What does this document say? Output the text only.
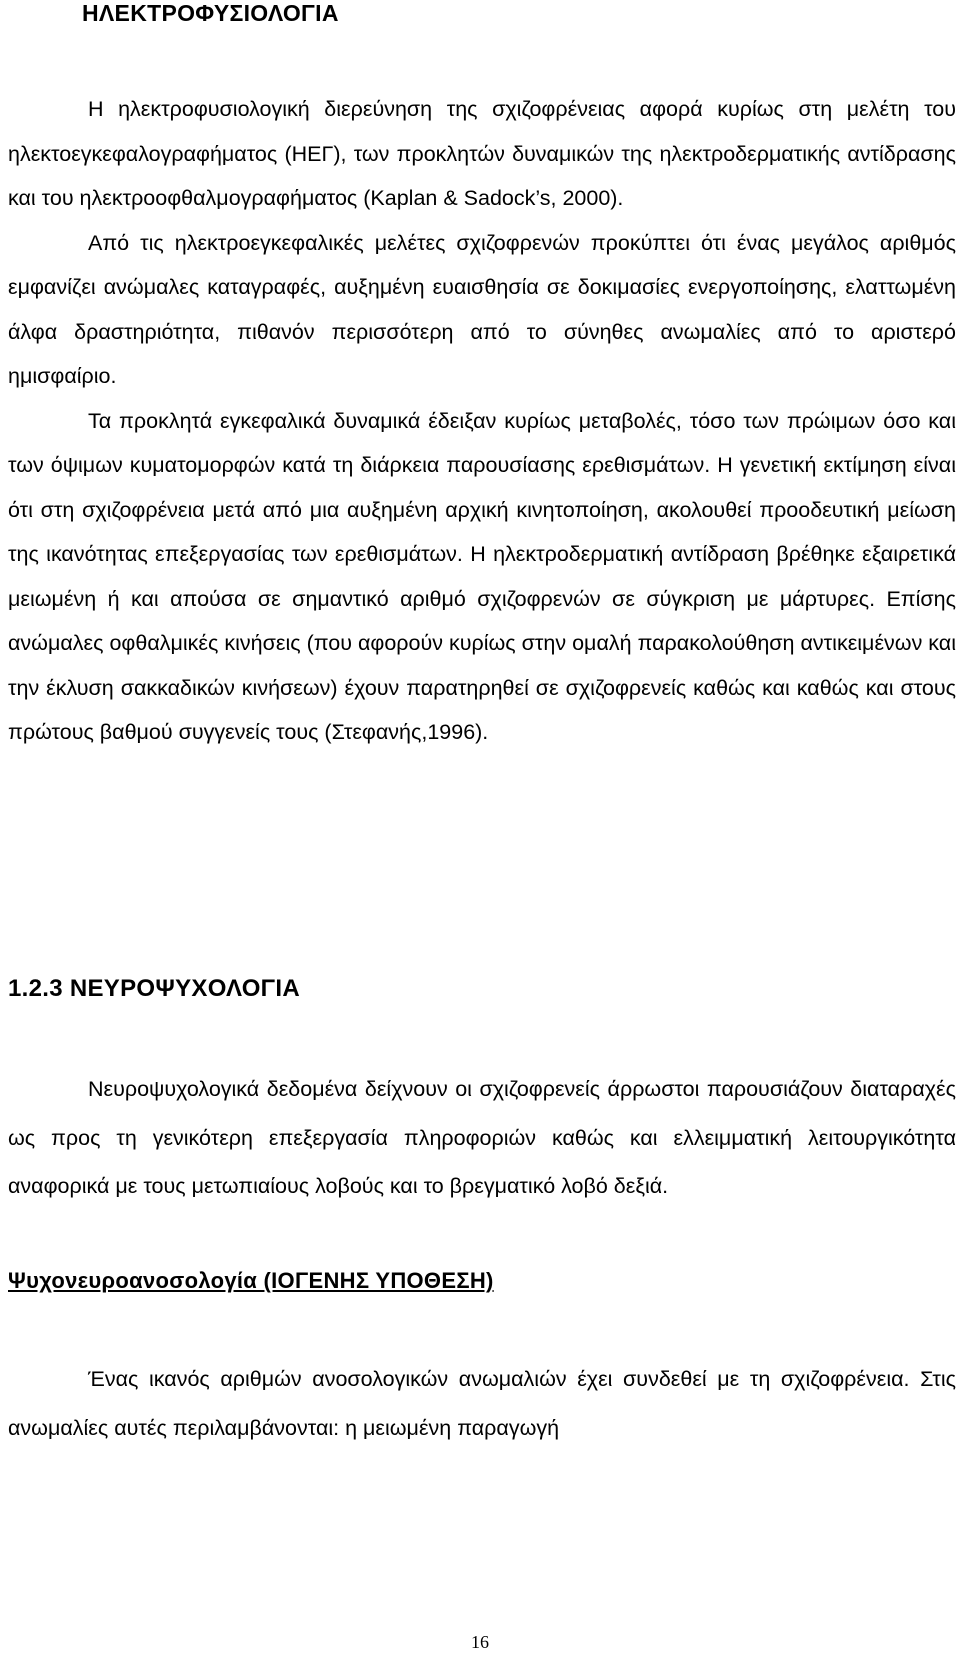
ΗΛΕΚΤΡΟΦΥΣΙΟΛΟΓΙΑ

Η ηλεκτροφυσιολογική διερεύνηση της σχιζοφρένειας αφορά κυρίως στη μελέτη του ηλεκτοεγκεφαλογραφήματος (ΗΕΓ), των προκλητών δυναμικών της ηλεκτροδερματικής αντίδρασης και του ηλεκτροοφθαλμογραφήματος (Kaplan & Sadock’s, 2000).

Από τις ηλεκτροεγκεφαλικές μελέτες σχιζοφρενών προκύπτει ότι ένας μεγάλος αριθμός εμφανίζει ανώμαλες καταγραφές, αυξημένη ευαισθησία σε δοκιμασίες ενεργοποίησης, ελαττωμένη άλφα δραστηριότητα, πιθανόν περισσότερη από το σύνηθες ανωμαλίες από το αριστερό ημισφαίριο.

Τα προκλητά εγκεφαλικά δυναμικά έδειξαν κυρίως μεταβολές, τόσο των πρώιμων όσο και των όψιμων κυματομορφών κατά τη διάρκεια παρουσίασης ερεθισμάτων. Η γενετική εκτίμηση είναι ότι στη σχιζοφρένεια μετά από μια αυξημένη αρχική κινητοποίηση, ακολουθεί προοδευτική μείωση της ικανότητας επεξεργασίας των ερεθισμάτων. Η ηλεκτροδερματική αντίδραση βρέθηκε εξαιρετικά μειωμένη ή και απούσα σε σημαντικό αριθμό σχιζοφρενών σε σύγκριση με μάρτυρες. Επίσης ανώμαλες οφθαλμικές κινήσεις (που αφορούν κυρίως στην ομαλή παρακολούθηση αντικειμένων και την έκλυση σακκαδικών κινήσεων) έχουν παρατηρηθεί σε σχιζοφρενείς καθώς και καθώς και στους πρώτους βαθμού συγγενείς τους (Στεφανής,1996).

1.2.3 ΝΕΥΡΟΨΥΧΟΛΟΓΙΑ

Νευροψυχολογικά δεδομένα δείχνουν οι σχιζοφρενείς άρρωστοι παρουσιάζουν διαταραχές ως προς τη γενικότερη επεξεργασία πληροφοριών καθώς και ελλειμματική λειτουργικότητα αναφορικά με τους μετωπιαίους λοβούς και το βρεγματικό λοβό δεξιά.

Ψυχονευροανοσολογία (ΙΟΓΕΝΗΣ ΥΠΟΘΕΣΗ)

Ένας ικανός αριθμών ανοσολογικών ανωμαλιών έχει συνδεθεί με τη σχιζοφρένεια. Στις ανωμαλίες αυτές περιλαμβάνονται: η μειωμένη παραγωγή

16
